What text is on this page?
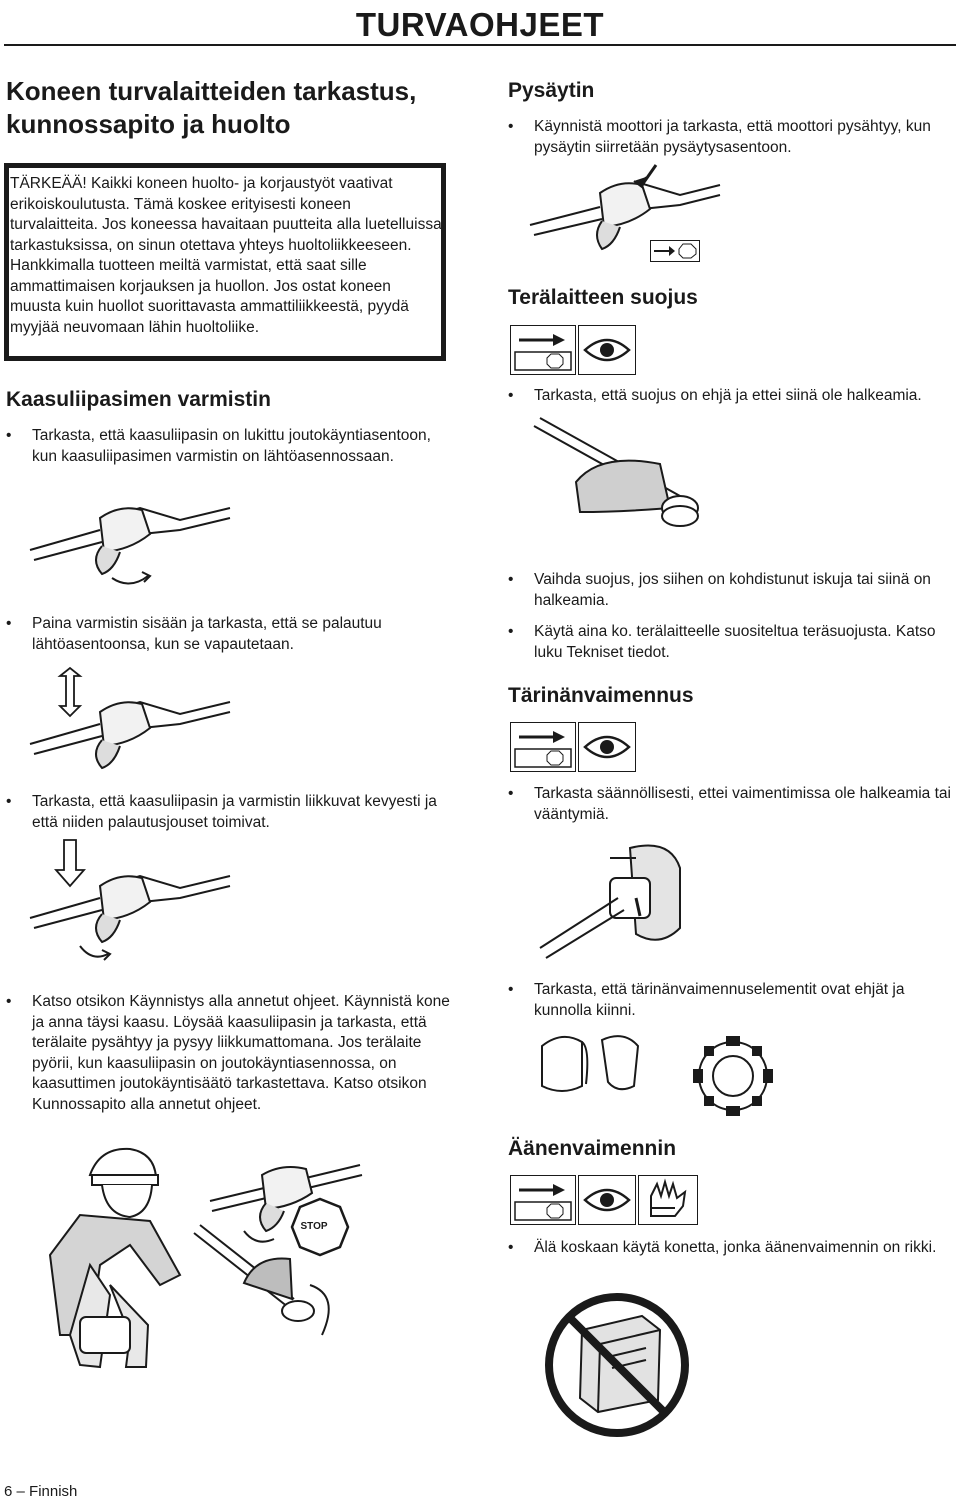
TURVAOHJEET
Koneen turvalaitteiden tarkastus, kunnossapito ja huolto
TÄRKEÄÄ! Kaikki koneen huolto- ja korjaustyöt vaativat erikoiskoulutusta. Tämä koskee erityisesti koneen turvalaitteita. Jos koneessa havaitaan puutteita alla luetelluissa tarkastuksissa, on sinun otettava yhteys huoltoliikkeeseen. Hankkimalla tuotteen meiltä varmistat, että saat sille ammattimaisen korjauksen ja huollon. Jos ostat koneen muusta kuin huollot suorittavasta ammattiliikkeestä, pyydä myyjää neuvomaan lähin huoltoliike.
Kaasuliipasimen varmistin
• Tarkasta, että kaasuliipasin on lukittu joutokäyntiasentoon, kun kaasuliipasimen varmistin on lähtöasennossaan.
• Paina varmistin sisään ja tarkasta, että se palautuu lähtöasentoonsa, kun se vapautetaan.
• Tarkasta, että kaasuliipasin ja varmistin liikkuvat kevyesti ja että niiden palautusjouset toimivat.
• Katso otsikon Käynnistys alla annetut ohjeet. Käynnistä kone ja anna täysi kaasu. Löysää kaasuliipasin ja tarkasta, että terälaite pysähtyy ja pysyy liikkumattomana. Jos terälaite pyörii, kun kaasuliipasin on joutokäyntiasennossa, on kaasuttimen joutokäyntisäätö tarkastettava. Katso otsikon Kunnossapito alla annetut ohjeet.
STOP
Pysäytin
• Käynnistä moottori ja tarkasta, että moottori pysähtyy, kun pysäytin siirretään pysäytysasentoon.
Terälaitteen suojus
• Tarkasta, että suojus on ehjä ja ettei siinä ole halkeamia.
• Vaihda suojus, jos siihen on kohdistunut iskuja tai siinä on halkeamia.
• Käytä aina ko. terälaitteelle suositeltua teräsuojusta. Katso luku Tekniset tiedot.
Tärinänvaimennus
• Tarkasta säännöllisesti, ettei vaimentimissa ole halkeamia tai vääntymiä.
• Tarkasta, että tärinänvaimennuselementit ovat ehjät ja kunnolla kiinni.
Äänenvaimennin
• Älä koskaan käytä konetta, jonka äänenvaimennin on rikki.
6 – Finnish
